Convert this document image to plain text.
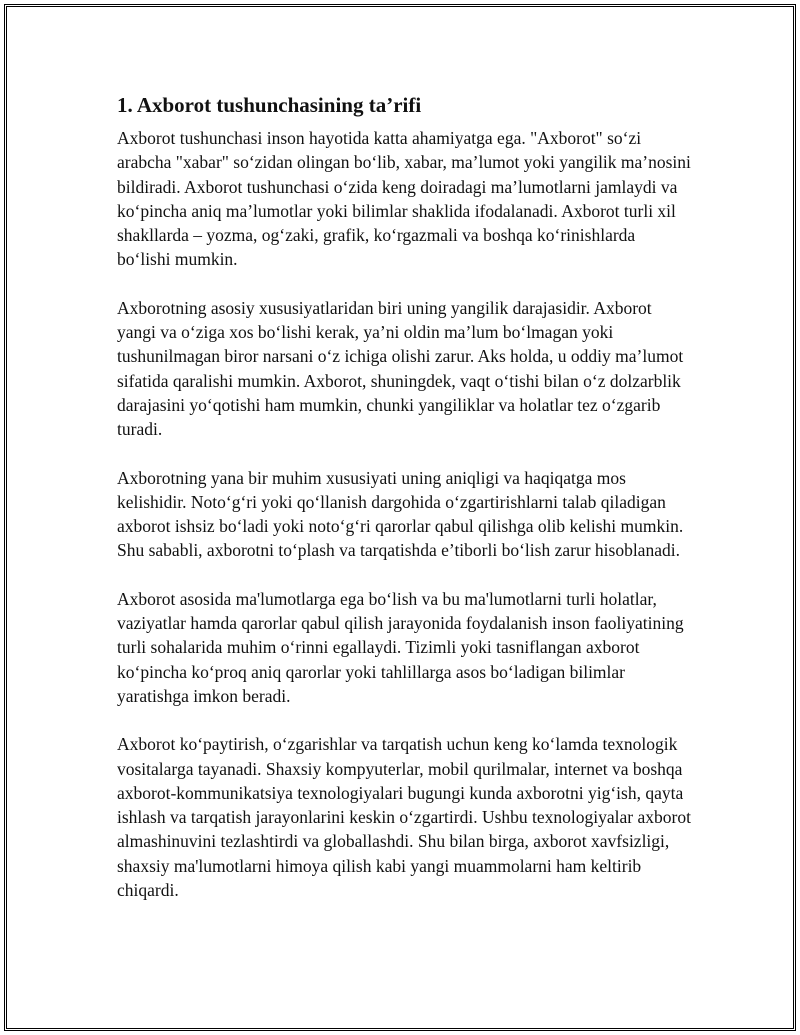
1. Axborot tushunchasining ta’rifi

Axborot tushunchasi inson hayotida katta ahamiyatga ega. "Axborot" so‘zi arabcha "xabar" so‘zidan olingan bo‘lib, xabar, ma’lumot yoki yangilik ma’nosini bildiradi. Axborot tushunchasi o‘zida keng doiradagi ma’lumotlarni jamlaydi va ko‘pincha aniq ma’lumotlar yoki bilimlar shaklida ifodalanadi. Axborot turli xil shakllarda – yozma, og‘zaki, grafik, ko‘rgazmali va boshqa ko‘rinishlarda bo‘lishi mumkin.

Axborotning asosiy xususiyatlaridan biri uning yangilik darajasidir. Axborot yangi va o‘ziga xos bo‘lishi kerak, ya’ni oldin ma’lum bo‘lmagan yoki tushunilmagan biror narsani o‘z ichiga olishi zarur. Aks holda, u oddiy ma’lumot sifatida qaralishi mumkin. Axborot, shuningdek, vaqt o‘tishi bilan o‘z dolzarblik darajasini yo‘qotishi ham mumkin, chunki yangiliklar va holatlar tez o‘zgarib turadi.

Axborotning yana bir muhim xususiyati uning aniqligi va haqiqatga mos kelishidir. Noto‘g‘ri yoki qo‘llanish dargohida o‘zgartirishlarni talab qiladigan axborot ishsiz bo‘ladi yoki noto‘g‘ri qarorlar qabul qilishga olib kelishi mumkin. Shu sababli, axborotni to‘plash va tarqatishda e’tiborli bo‘lish zarur hisoblanadi.

Axborot asosida ma'lumotlarga ega bo‘lish va bu ma'lumotlarni turli holatlar, vaziyatlar hamda qarorlar qabul qilish jarayonida foydalanish inson faoliyatining turli sohalarida muhim o‘rinni egallaydi. Tizimli yoki tasniflangan axborot ko‘pincha ko‘proq aniq qarorlar yoki tahlillarga asos bo‘ladigan bilimlar yaratishga imkon beradi.

Axborot ko‘paytirish, o‘zgarishlar va tarqatish uchun keng ko‘lamda texnologik vositalarga tayanadi. Shaxsiy kompyuterlar, mobil qurilmalar, internet va boshqa axborot-kommunikatsiya texnologiyalari bugungi kunda axborotni yig‘ish, qayta ishlash va tarqatish jarayonlarini keskin o‘zgartirdi. Ushbu texnologiyalar axborot almashinuvini tezlashtirdi va globallashdi. Shu bilan birga, axborot xavfsizligi, shaxsiy ma'lumotlarni himoya qilish kabi yangi muammolarni ham keltirib chiqardi.
